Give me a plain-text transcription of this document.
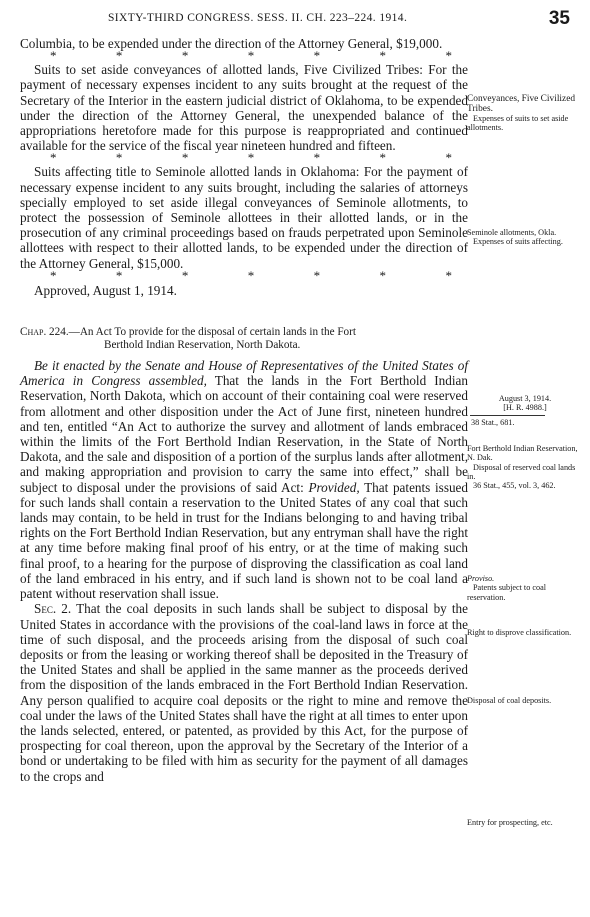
SIXTY-THIRD CONGRESS. SESS. II. CH. 223–224. 1914.	35

Columbia, to be expended under the direction of the Attorney General, $19,000.

*	*	*	*	*	*	*

Suits to set aside conveyances of allotted lands, Five Civilized Tribes: For the payment of necessary expenses incident to any suits brought at the request of the Secretary of the Interior in the eastern judicial district of Oklahoma, to be expended under the direction of the Attorney General, the unexpended balance of the appropriations heretofore made for this purpose is reappropriated and continued available for the service of the fiscal year nineteen hundred and fifteen.

*	*	*	*	*	*	*

Suits affecting title to Seminole allotted lands in Oklahoma: For the payment of necessary expense incident to any suits brought, including the salaries of attorneys specially employed to set aside illegal conveyances of Seminole allotments, to protect the possession of Seminole allottees in their allotted lands, or in the prosecution of any criminal proceedings based on frauds perpetrated upon Seminole allottees with respect to their allotted lands, to be expended under the direction of the Attorney General, $15,000.

*	*	*	*	*	*	*

Approved, August 1, 1914.

Chap. 224.—An Act To provide for the disposal of certain lands in the Fort
Berthold Indian Reservation, North Dakota.

Be it enacted by the Senate and House of Representatives of the United States of America in Congress assembled, That the lands in the Fort Berthold Indian Reservation, North Dakota, which on account of their containing coal were reserved from allotment and other disposition under the Act of June first, nineteen hundred and ten, entitled “An Act to authorize the survey and allotment of lands embraced within the limits of the Fort Berthold Indian Reservation, in the State of North Dakota, and the sale and disposition of a portion of the surplus lands after allotment, and making appropriation and provision to carry the same into effect,” shall be subject to disposal under the provisions of said Act: Provided, That patents issued for such lands shall contain a reservation to the United States of any coal that such lands may contain, to be held in trust for the Indians belonging to and having tribal rights on the Fort Berthold Indian Reservation, but any entryman shall have the right at any time before making final proof of his entry, or at the time of making such final proof, to a hearing for the purpose of disproving the classification as coal land of the land embraced in his entry, and if such land is shown not to be coal land a patent without reservation shall issue.

Sec. 2. That the coal deposits in such lands shall be subject to disposal by the United States in accordance with the provisions of the coal-land laws in force at the time of such disposal, and the proceeds arising from the disposal of such coal deposits or from the leasing or working thereof shall be deposited in the Treasury of the United States and shall be applied in the same manner as the proceeds derived from the disposition of the lands embraced in the Fort Berthold Indian Reservation. Any person qualified to acquire coal deposits or the right to mine and remove the coal under the laws of the United States shall have the right at all times to enter upon the lands selected, entered, or patented, as provided by this Act, for the purpose of prospecting for coal thereon, upon the approval by the Secretary of the Interior of a bond or undertaking to be filed with him as security for the payment of all damages to the crops and

Conveyances, Five Civilized Tribes.
Expenses of suits to set aside allotments.
Seminole allotments, Okla.
Expenses of suits affecting.
August 3, 1914.
[H. R. 4988.]
38 Stat., 681.
Fort Berthold Indian Reservation, N. Dak.
Disposal of reserved coal lands in.
36 Stat., 455, vol. 3, 462.
Proviso.
Patents subject to coal reservation.
Right to disprove classification.
Disposal of coal deposits.
Entry for prospecting, etc.
